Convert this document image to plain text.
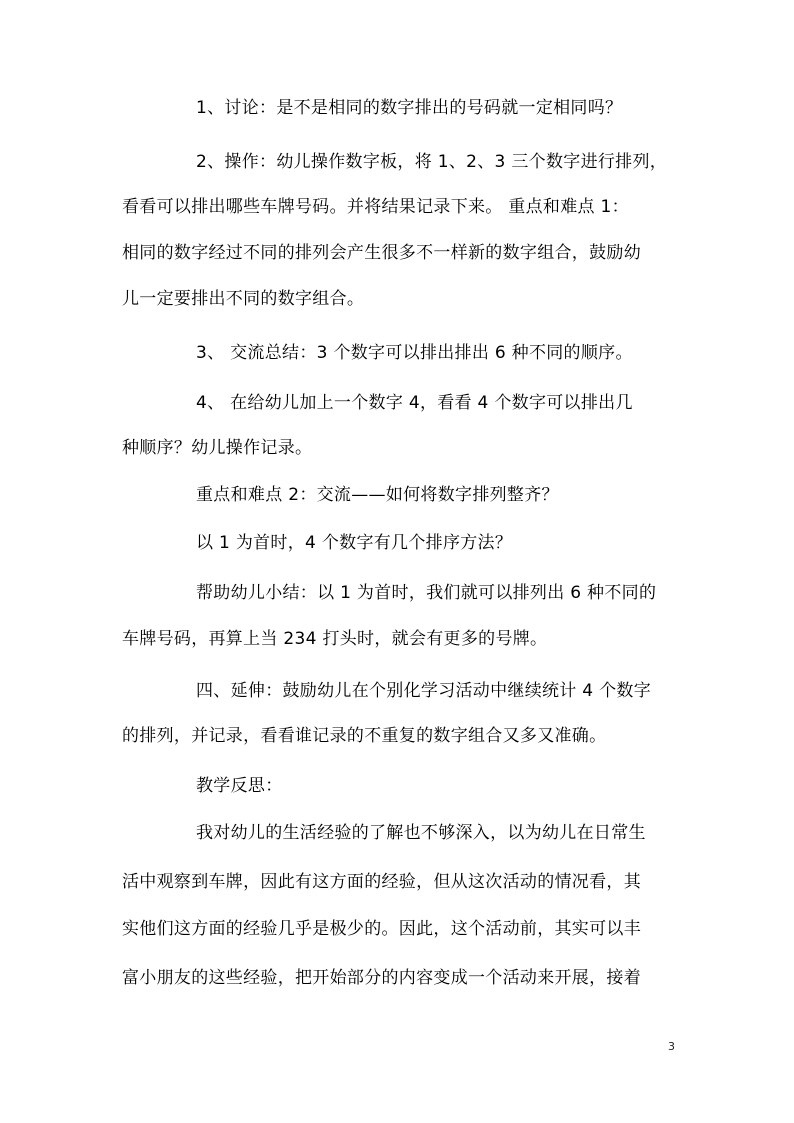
1、讨论：是不是相同的数字排出的号码就一定相同吗？
2、操作：幼儿操作数字板，将 1、2、3 三个数字进行排列，
看看可以排出哪些车牌号码。并将结果记录下来。 重点和难点 1：
相同的数字经过不同的排列会产生很多不一样新的数字组合，鼓励幼
儿一定要排出不同的数字组合。
3、 交流总结：3 个数字可以排出排出 6 种不同的顺序。
4、 在给幼儿加上一个数字 4，看看 4 个数字可以排出几
种顺序？幼儿操作记录。
重点和难点 2：交流——如何将数字排列整齐？
以 1 为首时，4 个数字有几个排序方法？
帮助幼儿小结：以 1 为首时，我们就可以排列出 6 种不同的
车牌号码，再算上当 234 打头时，就会有更多的号牌。
四、延伸：鼓励幼儿在个别化学习活动中继续统计 4 个数字
的排列，并记录，看看谁记录的不重复的数字组合又多又准确。
教学反思：
我对幼儿的生活经验的了解也不够深入，以为幼儿在日常生
活中观察到车牌，因此有这方面的经验，但从这次活动的情况看，其
实他们这方面的经验几乎是极少的。因此，这个活动前，其实可以丰
富小朋友的这些经验，把开始部分的内容变成一个活动来开展，接着
3
